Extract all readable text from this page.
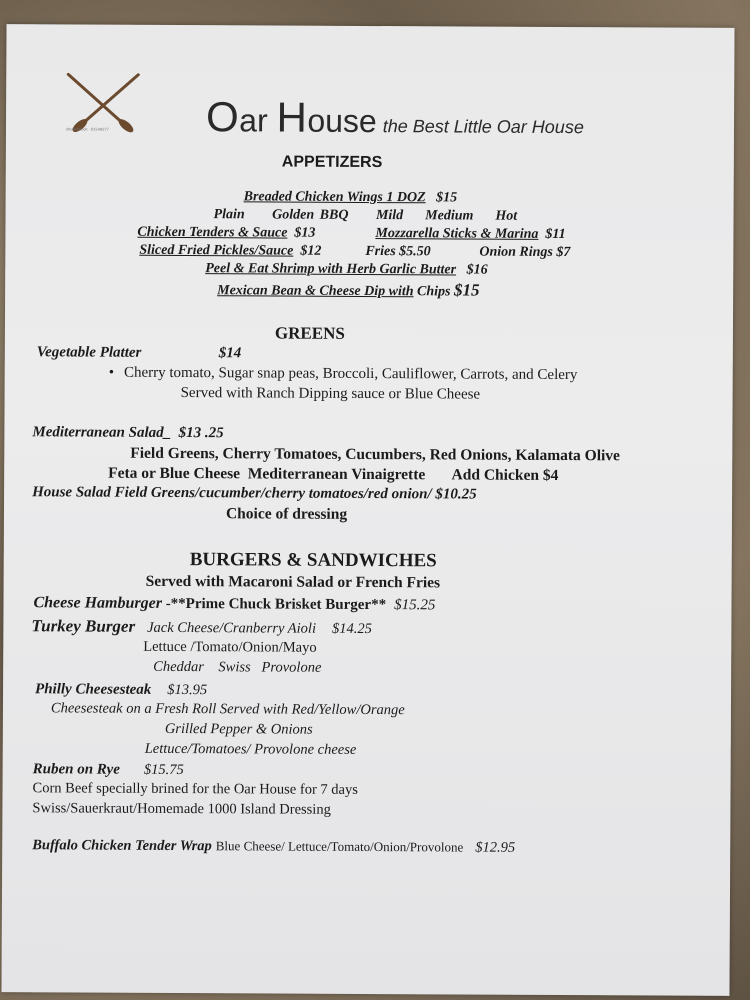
shutterstock · 81549277 Oar House the Best Little Oar House
APPETIZERS
Breaded Chicken Wings 1 DOZ $15
Plain Golden BBQ Mild Medium Hot
Chicken Tenders & Sauce $13	Mozzarella Sticks & Marina $11
Sliced Fried Pickles/Sauce $12	Fries $5.50	Onion Rings $7
Peel & Eat Shrimp with Herb Garlic Butter $16
Mexican Bean & Cheese Dip with Chips $15
GREENS
Vegetable Platter	$14
• Cherry tomato, Sugar snap peas, Broccoli, Cauliflower, Carrots, and Celery
Served with Ranch Dipping sauce or Blue Cheese
Mediterranean Salad_ $13 .25
Field Greens, Cherry Tomatoes, Cucumbers, Red Onions, Kalamata Olive
Feta or Blue Cheese  Mediterranean Vinaigrette       Add Chicken $4
House Salad Field Greens/cucumber/cherry tomatoes/red onion/ $10.25
Choice of dressing
BURGERS & SANDWICHES
Served with Macaroni Salad or French Fries
Cheese Hamburger -**Prime Chuck Brisket Burger** $15.25
Turkey Burger Jack Cheese/Cranberry Aioli $14.25
Lettuce /Tomato/Onion/Mayo
Cheddar    Swiss   Provolone
Philly Cheesesteak $13.95
Cheesesteak on a Fresh Roll Served with Red/Yellow/Orange
Grilled Pepper & Onions
Lettuce/Tomatoes/ Provolone cheese
Ruben on Rye $15.75
Corn Beef specially brined for the Oar House for 7 days
Swiss/Sauerkraut/Homemade 1000 Island Dressing
Buffalo Chicken Tender Wrap Blue Cheese/ Lettuce/Tomato/Onion/Provolone $12.95
